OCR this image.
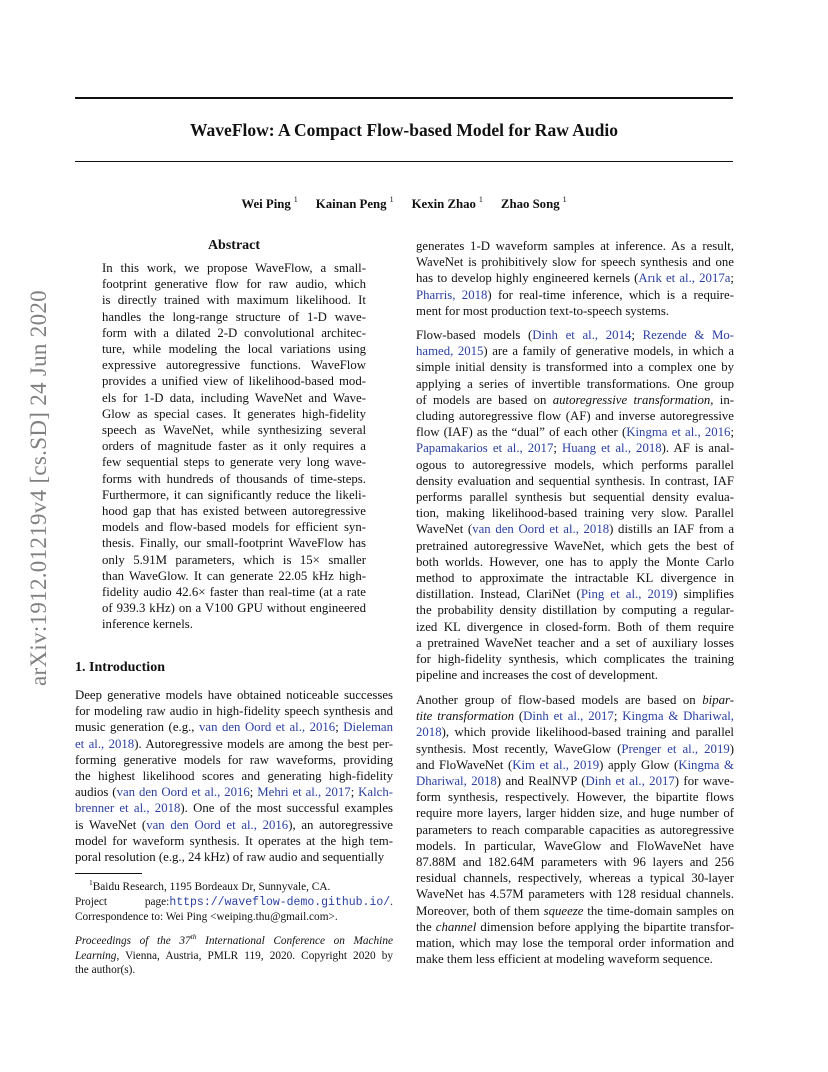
WaveFlow: A Compact Flow-based Model for Raw Audio
Wei Ping $^1$ Kainan Peng $^1$ Kexin Zhao $^1$ Zhao Song $^1$
arXiv:1912.01219v4 [cs.SD] 24 Jun 2020
Abstract
In this work, we propose WaveFlow, a small-
footprint generative flow for raw audio, which
is directly trained with maximum likelihood. It
handles the long-range structure of 1-D wave-
form with a dilated 2-D convolutional architec-
ture, while modeling the local variations using
expressive autoregressive functions. WaveFlow
provides a unified view of likelihood-based mod-
els for 1-D data, including WaveNet and Wave-
Glow as special cases. It generates high-fidelity
speech as WaveNet, while synthesizing several
orders of magnitude faster as it only requires a
few sequential steps to generate very long wave-
forms with hundreds of thousands of time-steps.
Furthermore, it can significantly reduce the likeli-
hood gap that has existed between autoregressive
models and flow-based models for efficient syn-
thesis. Finally, our small-footprint WaveFlow has
only 5.91M parameters, which is 15× smaller
than WaveGlow. It can generate 22.05 kHz high-
fidelity audio 42.6× faster than real-time (at a rate
of 939.3 kHz) on a V100 GPU without engineered
inference kernels.
1. Introduction
Deep generative models have obtained noticeable successes
for modeling raw audio in high-fidelity speech synthesis and
music generation (e.g., van den Oord et al., 2016; Dieleman
et al., 2018). Autoregressive models are among the best per-
forming generative models for raw waveforms, providing
the highest likelihood scores and generating high-fidelity
audios (van den Oord et al., 2016; Mehri et al., 2017; Kalch-
brenner et al., 2018). One of the most successful examples
is WaveNet (van den Oord et al., 2016), an autoregressive
model for waveform synthesis. It operates at the high tem-
poral resolution (e.g., 24 kHz) of raw audio and sequentially
$^1$Baidu Research, 1195 Bordeaux Dr, Sunnyvale, CA.
Project page:https://waveflow-demo.github.io/.
Correspondence to: Wei Ping <weiping.thu@gmail.com>.
Proceedings of the 37th International Conference on Machine
Learning, Vienna, Austria, PMLR 119, 2020. Copyright 2020 by
the author(s).
generates 1-D waveform samples at inference. As a result,
WaveNet is prohibitively slow for speech synthesis and one
has to develop highly engineered kernels (Arık et al., 2017a;
Pharris, 2018) for real-time inference, which is a require-
ment for most production text-to-speech systems.
Flow-based models (Dinh et al., 2014; Rezende & Mo-
hamed, 2015) are a family of generative models, in which a
simple initial density is transformed into a complex one by
applying a series of invertible transformations. One group
of models are based on autoregressive transformation, in-
cluding autoregressive flow (AF) and inverse autoregressive
flow (IAF) as the “dual” of each other (Kingma et al., 2016;
Papamakarios et al., 2017; Huang et al., 2018). AF is anal-
ogous to autoregressive models, which performs parallel
density evaluation and sequential synthesis. In contrast, IAF
performs parallel synthesis but sequential density evalua-
tion, making likelihood-based training very slow. Parallel
WaveNet (van den Oord et al., 2018) distills an IAF from a
pretrained autoregressive WaveNet, which gets the best of
both worlds. However, one has to apply the Monte Carlo
method to approximate the intractable KL divergence in
distillation. Instead, ClariNet (Ping et al., 2019) simplifies
the probability density distillation by computing a regular-
ized KL divergence in closed-form. Both of them require
a pretrained WaveNet teacher and a set of auxiliary losses
for high-fidelity synthesis, which complicates the training
pipeline and increases the cost of development.
Another group of flow-based models are based on bipar-
tite transformation (Dinh et al., 2017; Kingma & Dhariwal,
2018), which provide likelihood-based training and parallel
synthesis. Most recently, WaveGlow (Prenger et al., 2019)
and FloWaveNet (Kim et al., 2019) apply Glow (Kingma &
Dhariwal, 2018) and RealNVP (Dinh et al., 2017) for wave-
form synthesis, respectively. However, the bipartite flows
require more layers, larger hidden size, and huge number of
parameters to reach comparable capacities as autoregressive
models. In particular, WaveGlow and FloWaveNet have
87.88M and 182.64M parameters with 96 layers and 256
residual channels, respectively, whereas a typical 30-layer
WaveNet has 4.57M parameters with 128 residual channels.
Moreover, both of them squeeze the time-domain samples on
the channel dimension before applying the bipartite transfor-
mation, which may lose the temporal order information and
make them less efficient at modeling waveform sequence.
